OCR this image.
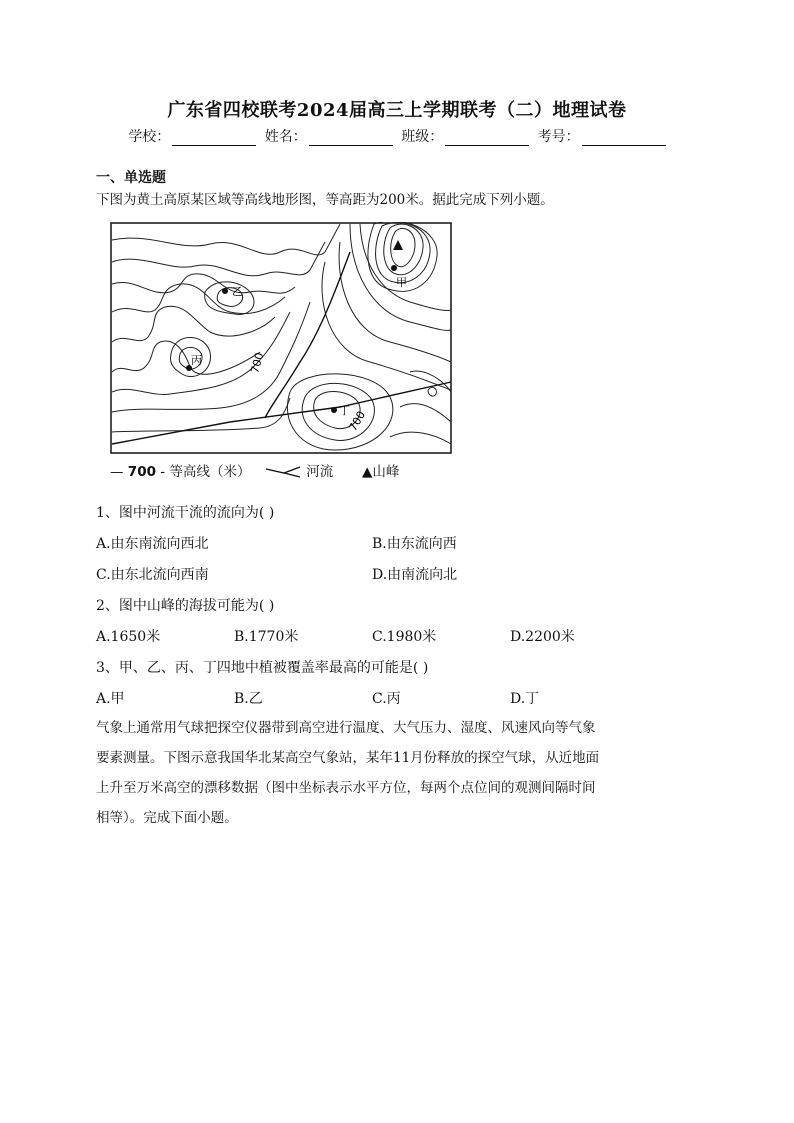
广东省四校联考2024届高三上学期联考（二）地理试卷
学校：	姓名：	班级：	考号：
一、单选题
下图为黄土高原某区域等高线地形图，等高距为200米。据此完成下列小题。
甲
乙
丙
丁
700
700
— 700 - 等高线（米）	河流 ▲山峰
1、图中河流干流的流向为( )
A.由东南流向西北	B.由东流向西
C.由东北流向西南	D.由南流向北
2、图中山峰的海拔可能为( )
A.1650米	B.1770米	C.1980米	D.2200米
3、甲、乙、丙、丁四地中植被覆盖率最高的可能是( )
A.甲	B.乙	C.丙	D.丁
气象上通常用气球把探空仪器带到高空进行温度、大气压力、湿度、风速风向等气象
要素测量。下图示意我国华北某高空气象站，某年11月份释放的探空气球，从近地面
上升至万米高空的漂移数据（图中坐标表示水平方位，每两个点位间的观测间隔时间
相等）。完成下面小题。
